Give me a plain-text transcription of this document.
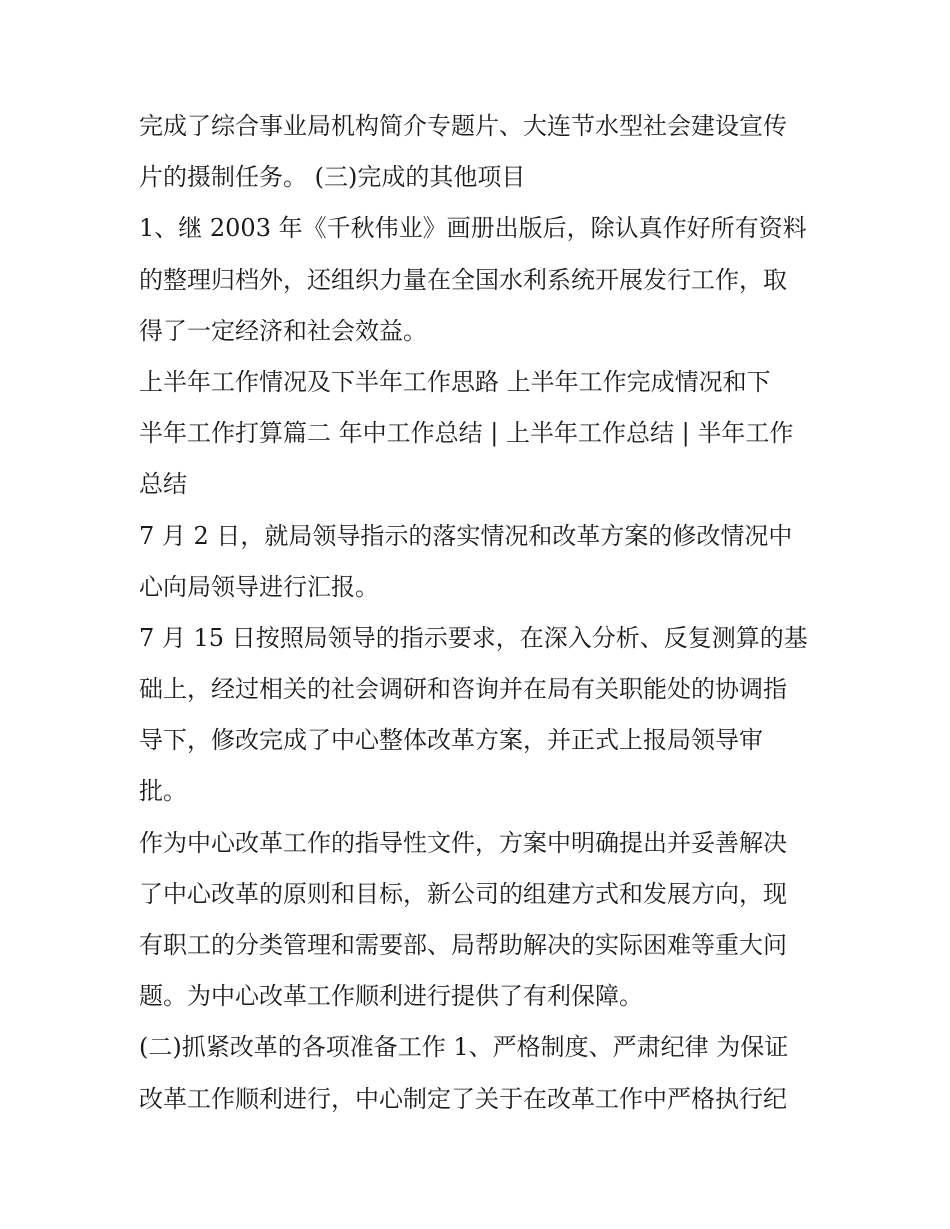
完成了综合事业局机构简介专题片、大连节水型社会建设宣传
片的摄制任务。 (三)完成的其他项目

1、继 2003 年《千秋伟业》画册出版后，除认真作好所有资料
的整理归档外，还组织力量在全国水利系统开展发行工作，取
得了一定经济和社会效益。

上半年工作情况及下半年工作思路 上半年工作完成情况和下
半年工作打算篇二 年中工作总结 | 上半年工作总结 | 半年工作
总结

7 月 2 日，就局领导指示的落实情况和改革方案的修改情况中
心向局领导进行汇报。

7 月 15 日按照局领导的指示要求，在深入分析、反复测算的基
础上，经过相关的社会调研和咨询并在局有关职能处的协调指
导下，修改完成了中心整体改革方案，并正式上报局领导审
批。

作为中心改革工作的指导性文件，方案中明确提出并妥善解决
了中心改革的原则和目标，新公司的组建方式和发展方向，现
有职工的分类管理和需要部、局帮助解决的实际困难等重大问
题。为中心改革工作顺利进行提供了有利保障。

(二)抓紧改革的各项准备工作 1、严格制度、严肃纪律 为保证
改革工作顺利进行，中心制定了关于在改革工作中严格执行纪
